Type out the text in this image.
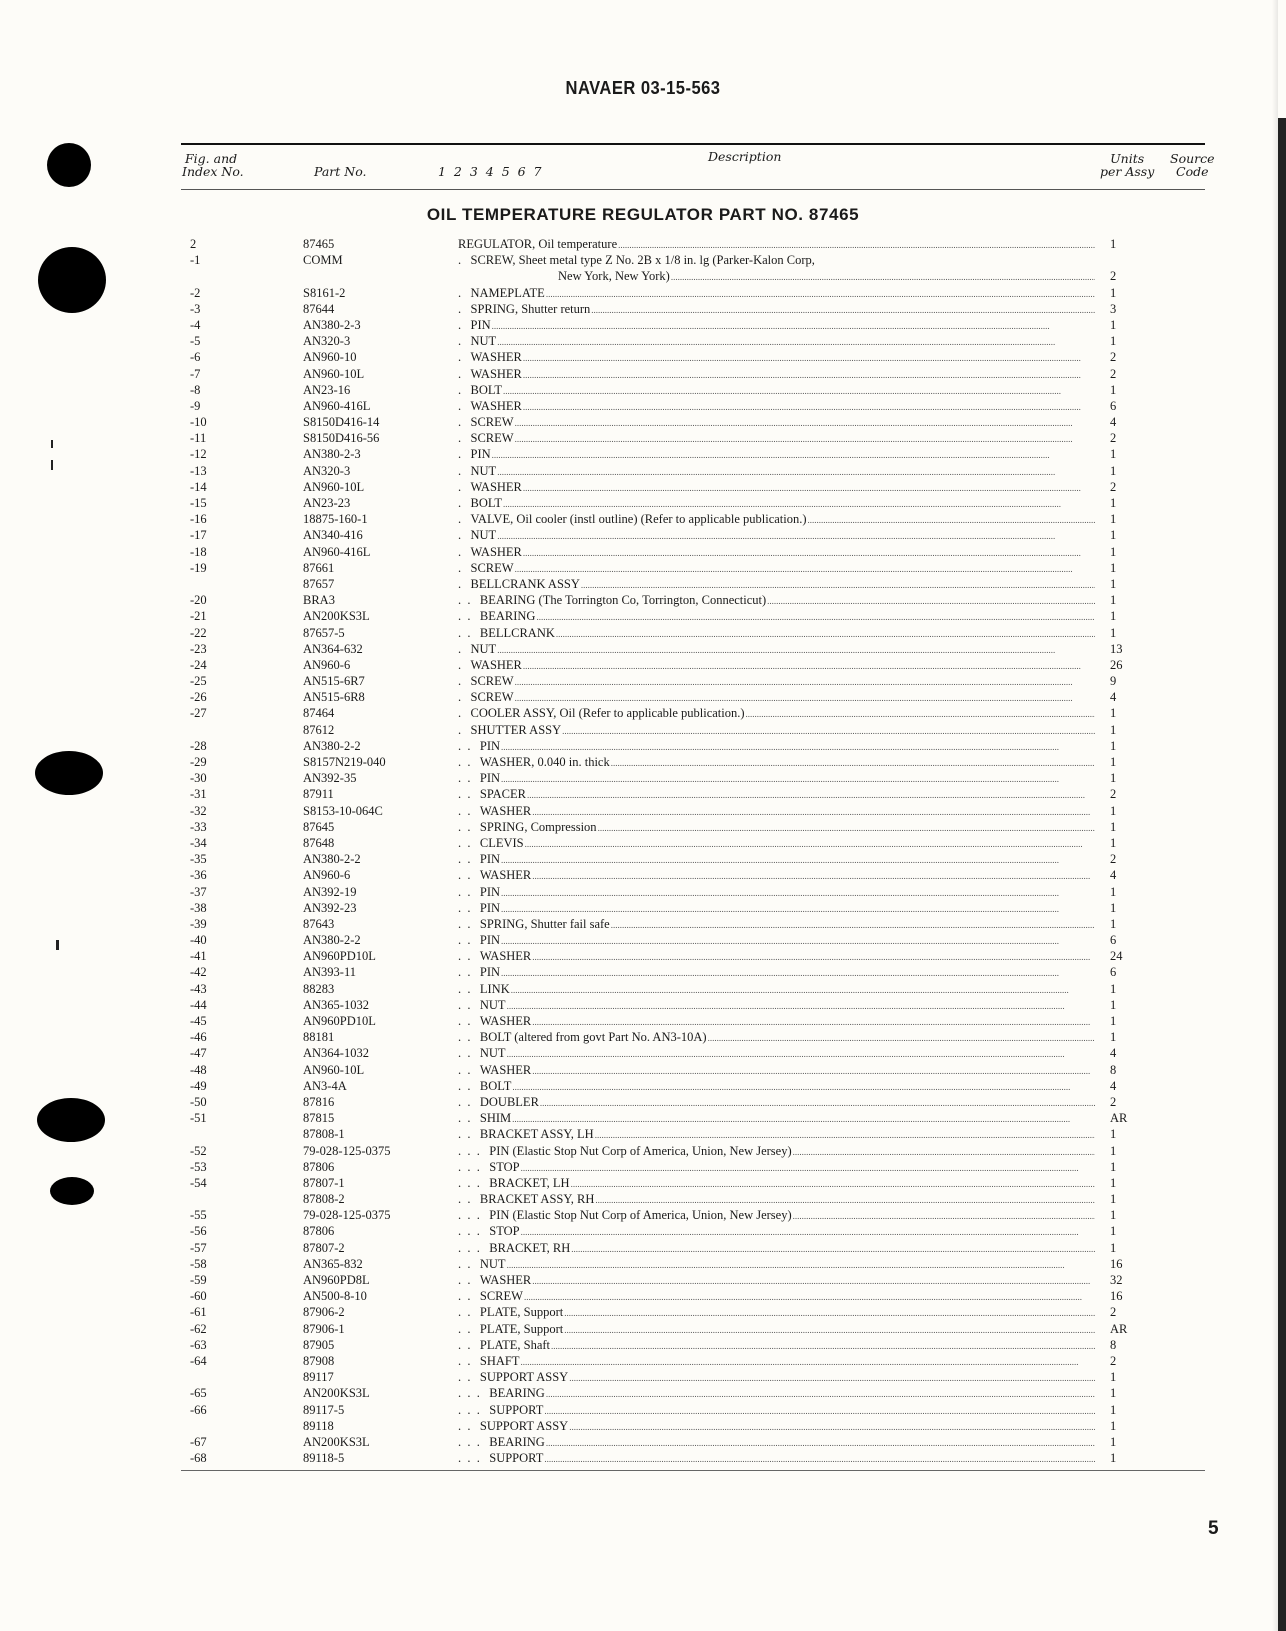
NAVAER 03-15-563
Fig. and
Index No.	Part No.	1 2 3 4 5 6 7
Description	Units
per Assy
Source
Code
OIL TEMPERATURE REGULATOR PART NO. 87465
2	87465	REGULATOR, Oil temperature .....	1
-1	COMM	. SCREW, Sheet metal type Z No. 2B x 1/8 in. lg (Parker-Kalon Corp,
New York, New York) .....	2
-2	S8161-2	. NAMEPLATE .....	1
-3	87644	. SPRING, Shutter return .....	3
-4	AN380-2-3	. PIN .....	1
-5	AN320-3	. NUT .....	1
-6	AN960-10	. WASHER .....	2
-7	AN960-10L	. WASHER .....	2
-8	AN23-16	. BOLT .....	1
-9	AN960-416L	. WASHER .....	6
-10	S8150D416-14	. SCREW .....	4
-11	S8150D416-56	. SCREW .....	2
-12	AN380-2-3	. PIN .....	1
-13	AN320-3	. NUT .....	1
-14	AN960-10L	. WASHER .....	2
-15	AN23-23	. BOLT .....	1
-16	18875-160-1	. VALVE, Oil cooler (instl outline) (Refer to applicable publication.) .....	1
-17	AN340-416	. NUT .....	1
-18	AN960-416L	. WASHER .....	1
-19	87661	. SCREW .....	1
87657	. BELLCRANK ASSY .....	1
-20	BRA3	.  . BEARING (The Torrington Co, Torrington, Connecticut) .....	1
-21	AN200KS3L	.  . BEARING .....	1
-22	87657-5	.  . BELLCRANK .....	1
-23	AN364-632	. NUT .....	13
-24	AN960-6	. WASHER .....	26
-25	AN515-6R7	. SCREW .....	9
-26	AN515-6R8	. SCREW .....	4
-27	87464	. COOLER ASSY, Oil (Refer to applicable publication.) .....	1
87612	. SHUTTER ASSY .....	1
-28	AN380-2-2	.  . PIN .....	1
-29	S8157N219-040	.  . WASHER, 0.040 in. thick .....	1
-30	AN392-35	.  . PIN .....	1
-31	87911	.  . SPACER .....	2
-32	S8153-10-064C	.  . WASHER .....	1
-33	87645	.  . SPRING, Compression .....	1
-34	87648	.  . CLEVIS .....	1
-35	AN380-2-2	.  . PIN .....	2
-36	AN960-6	.  . WASHER .....	4
-37	AN392-19	.  . PIN .....	1
-38	AN392-23	.  . PIN .....	1
-39	87643	.  . SPRING, Shutter fail safe .....	1
-40	AN380-2-2	.  . PIN .....	6
-41	AN960PD10L	.  . WASHER .....	24
-42	AN393-11	.  . PIN .....	6
-43	88283	.  . LINK .....	1
-44	AN365-1032	.  . NUT .....	1
-45	AN960PD10L	.  . WASHER .....	1
-46	88181	.  . BOLT (altered from govt Part No. AN3-10A) .....	1
-47	AN364-1032	.  . NUT .....	4
-48	AN960-10L	.  . WASHER .....	8
-49	AN3-4A	.  . BOLT .....	4
-50	87816	.  . DOUBLER .....	2
-51	87815	.  . SHIM .....	AR
87808-1	.  . BRACKET ASSY, LH .....	1
-52	79-028-125-0375	.  .  . PIN (Elastic Stop Nut Corp of America, Union, New Jersey) .....	1
-53	87806	.  .  . STOP .....	1
-54	87807-1	.  .  . BRACKET, LH .....	1
87808-2	.  . BRACKET ASSY, RH .....	1
-55	79-028-125-0375	.  .  . PIN (Elastic Stop Nut Corp of America, Union, New Jersey) .....	1
-56	87806	.  .  . STOP .....	1
-57	87807-2	.  .  . BRACKET, RH .....	1
-58	AN365-832	.  . NUT .....	16
-59	AN960PD8L	.  . WASHER .....	32
-60	AN500-8-10	.  . SCREW .....	16
-61	87906-2	.  . PLATE, Support .....	2
-62	87906-1	.  . PLATE, Support .....	AR
-63	87905	.  . PLATE, Shaft .....	8
-64	87908	.  . SHAFT .....	2
89117	.  . SUPPORT ASSY .....	1
-65	AN200KS3L	.  .  . BEARING .....	1
-66	89117-5	.  .  . SUPPORT .....	1
89118	.  . SUPPORT ASSY .....	1
-67	AN200KS3L	.  .  . BEARING .....	1
-68	89118-5	.  .  . SUPPORT .....	1
5
